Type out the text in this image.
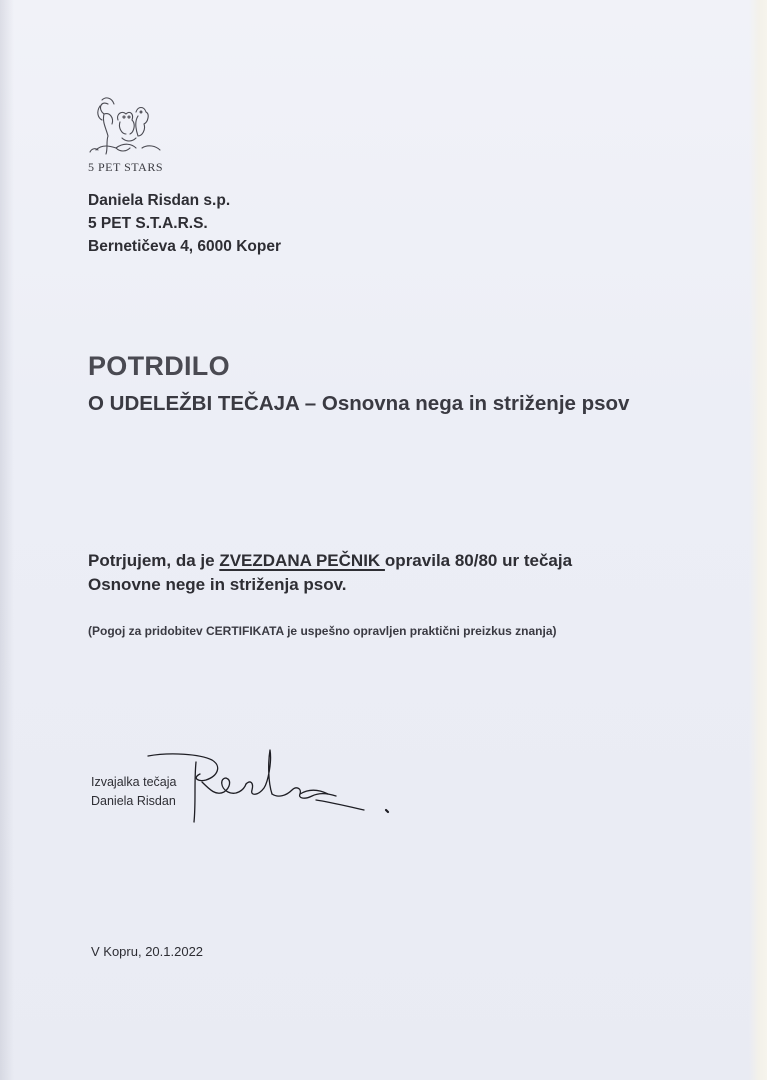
5 PET STARS
Daniela Risdan s.p.
5 PET S.T.A.R.S.
Bernetičeva 4, 6000 Koper
POTRDILO
O UDELEŽBI TEČAJA – Osnovna nega in striženje psov
Potrjujem, da je ZVEZDANA PEČNIK opravila 80/80 ur tečaja
Osnovne nege in striženja psov.
(Pogoj za pridobitev CERTIFIKATA je uspešno opravljen praktični preizkus znanja)
Izvajalka tečaja
Daniela Risdan
V Kopru, 20.1.2022
